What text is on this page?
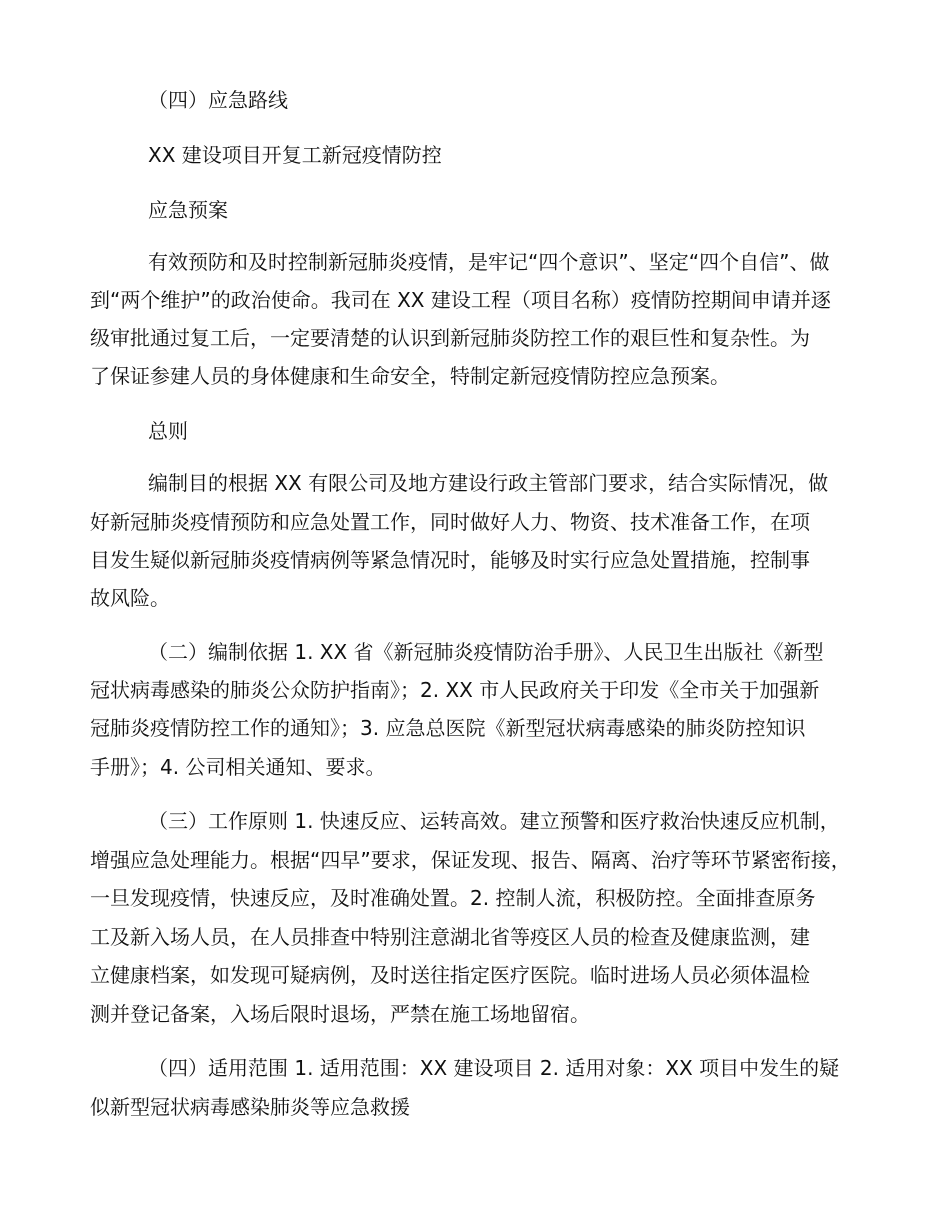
（四）应急路线
XX 建设项目开复工新冠疫情防控
应急预案
有效预防和及时控制新冠肺炎疫情，是牢记“四个意识”、坚定“四个自信”、做
到“两个维护”的政治使命。我司在 XX 建设工程（项目名称）疫情防控期间申请并逐
级审批通过复工后，一定要清楚的认识到新冠肺炎防控工作的艰巨性和复杂性。为
了保证参建人员的身体健康和生命安全，特制定新冠疫情防控应急预案。
总则
编制目的根据 XX 有限公司及地方建设行政主管部门要求，结合实际情况，做
好新冠肺炎疫情预防和应急处置工作，同时做好人力、物资、技术准备工作，在项
目发生疑似新冠肺炎疫情病例等紧急情况时，能够及时实行应急处置措施，控制事
故风险。
（二）编制依据 1. XX 省《新冠肺炎疫情防治手册》、人民卫生出版社《新型
冠状病毒感染的肺炎公众防护指南》；2. XX 市人民政府关于印发《全市关于加强新
冠肺炎疫情防控工作的通知》；3. 应急总医院《新型冠状病毒感染的肺炎防控知识
手册》；4. 公司相关通知、要求。
（三）工作原则 1. 快速反应、运转高效。建立预警和医疗救治快速反应机制，
增强应急处理能力。根据“四早”要求，保证发现、报告、隔离、治疗等环节紧密衔接，
一旦发现疫情，快速反应，及时准确处置。2. 控制人流，积极防控。全面排查原务
工及新入场人员，在人员排查中特别注意湖北省等疫区人员的检查及健康监测，建
立健康档案，如发现可疑病例，及时送往指定医疗医院。临时进场人员必须体温检
测并登记备案，入场后限时退场，严禁在施工场地留宿。
（四）适用范围 1. 适用范围：XX 建设项目 2. 适用对象：XX 项目中发生的疑
似新型冠状病毒感染肺炎等应急救援
